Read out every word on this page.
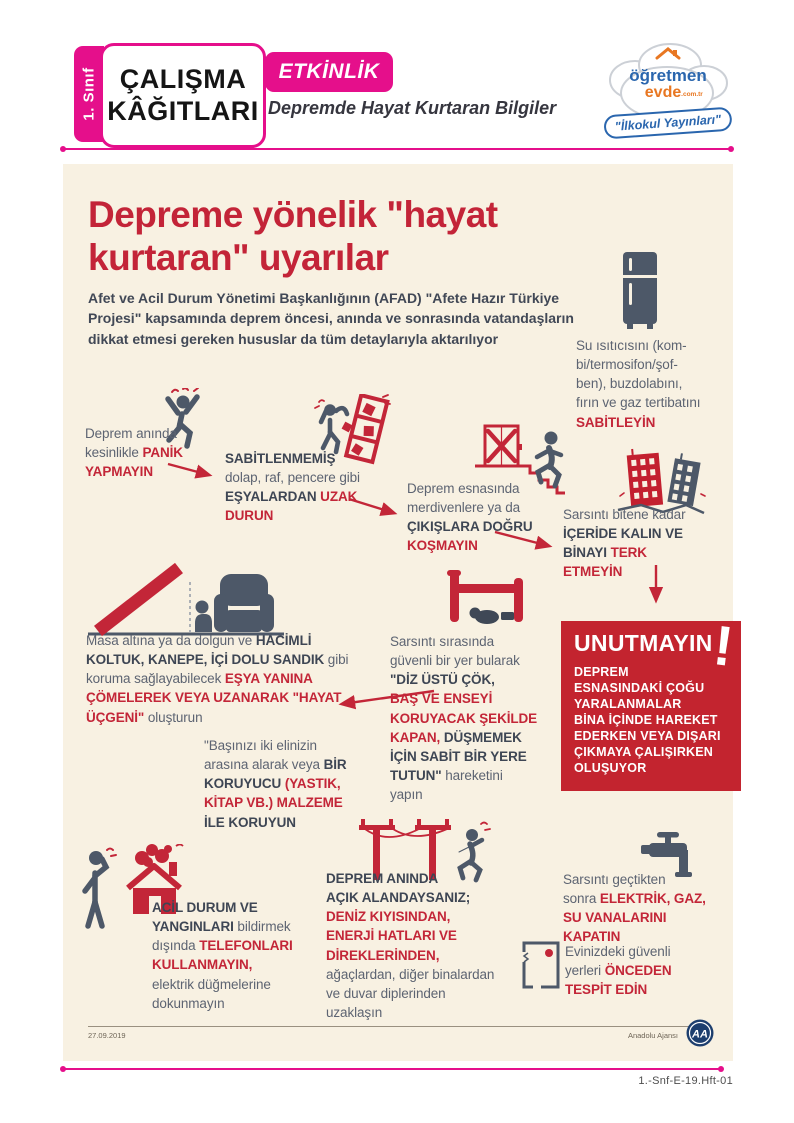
1. Sınıf ÇALIŞMA
KÂĞITLARI
ETKİNLİK
Depremde Hayat Kurtaran Bilgiler
öğretmen
evde .com.tr
"İlkokul Yayınları"
Depreme yönelik "hayat kurtaran" uyarılar
Afet ve Acil Durum Yönetimi Başkanlığının (AFAD) "Afete Hazır Türkiye Projesi" kapsamında deprem öncesi, anında ve sonrasında vatandaşların dikkat etmesi gereken hususlar da tüm detaylarıyla aktarılıyor	Su ısıtıcısını (kom-
bi/termosifon/şof-
ben), buzdolabını,
fırın ve gaz tertibatını
SABİTLEYİN
Deprem anında
kesinlikle PANİK
YAPMAYIN
SABİTLENMEMİŞ
dolap, raf, pencere gibi
EŞYALARDAN UZAK
DURUN
Deprem esnasında
merdivenlere ya da
ÇIKIŞLARA DOĞRU
KOŞMAYIN
Sarsıntı bitene kadar
İÇERİDE KALIN VE
BİNAYI TERK
ETMEYİN
Masa altına ya da dolgun ve HACİMLİ
KOLTUK, KANEPE, İÇİ DOLU SANDIK gibi
koruma sağlayabilecek EŞYA YANINA
ÇÖMELEREK VEYA UZANARAK "HAYAT
ÜÇGENİ" oluşturun
Sarsıntı sırasında
güvenli bir yer bularak
"DİZ ÜSTÜ ÇÖK,
BAŞ VE ENSEYİ
KORUYACAK ŞEKİLDE
KAPAN, DÜŞMEMEK
İÇİN SABİT BİR YERE
TUTUN" hareketini
yapın
"Başınızı iki elinizin
arasına alarak veya BİR
KORUYUCU (YASTIK,
KİTAP VB.) MALZEME
İLE KORUYUN
UNUTMAYIN
!
DEPREM
ESNASINDAKİ ÇOĞU
YARALANMALAR
BİNA İÇİNDE HAREKET
EDERKEN VEYA DIŞARI
ÇIKMAYA ÇALIŞIRKEN
OLUŞUYOR
ACİL DURUM VE
YANGINLARI bildirmek
dışında TELEFONLARI
KULLANMAYIN,
elektrik düğmelerine
dokunmayın
DEPREM ANINDA
AÇIK ALANDAYSANIZ;
DENİZ KIYISINDAN,
ENERJİ HATLARI VE
DİREKLERİNDEN,
ağaçlardan, diğer binalardan
ve duvar diplerinden
uzaklaşın
Sarsıntı geçtikten
sonra ELEKTRİK, GAZ,
SU VANALARINI
KAPATIN
Evinizdeki güvenli
yerleri ÖNCEDEN
TESPİT EDİN
27.09.2019	Anadolu Ajansı AA
1.-Snf-E-19.Hft-01
